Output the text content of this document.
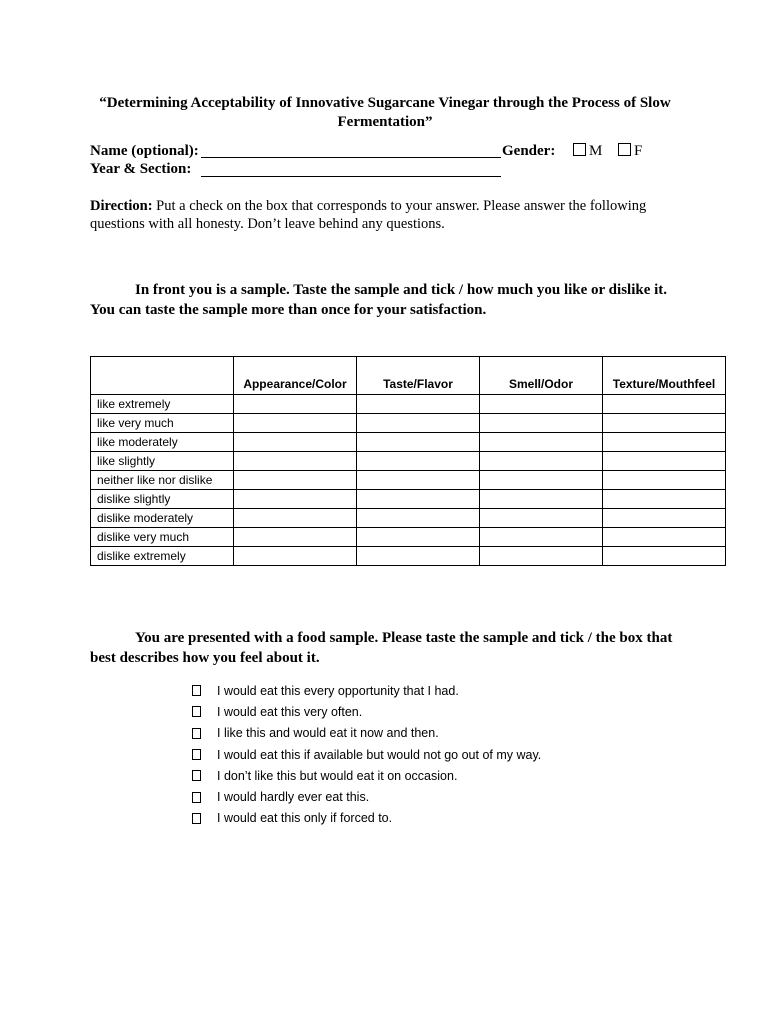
“Determining Acceptability of Innovative Sugarcane Vinegar through the Process of Slow Fermentation”
Name (optional):	Gender:	M	F
Year & Section:
Direction: Put a check on the box that corresponds to your answer. Please answer the following questions with all honesty. Don’t leave behind any questions.
In front you is a sample. Taste the sample and tick / how much you like or dislike it. You can taste the sample more than once for your satisfaction.
	Appearance/Color	Taste/Flavor	Smell/Odor	Texture/Mouthfeel
like extremely				
like very much				
like moderately				
like slightly				
neither like nor dislike				
dislike slightly				
dislike moderately				
dislike very much				
dislike extremely				
You are presented with a food sample. Please taste the sample and tick / the box that best describes how you feel about it.
I would eat this every opportunity that I had.
I would eat this very often.
I like this and would eat it now and then.
I would eat this if available but would not go out of my way.
I don’t like this but would eat it on occasion.
I would hardly ever eat this.
I would eat this only if forced to.
